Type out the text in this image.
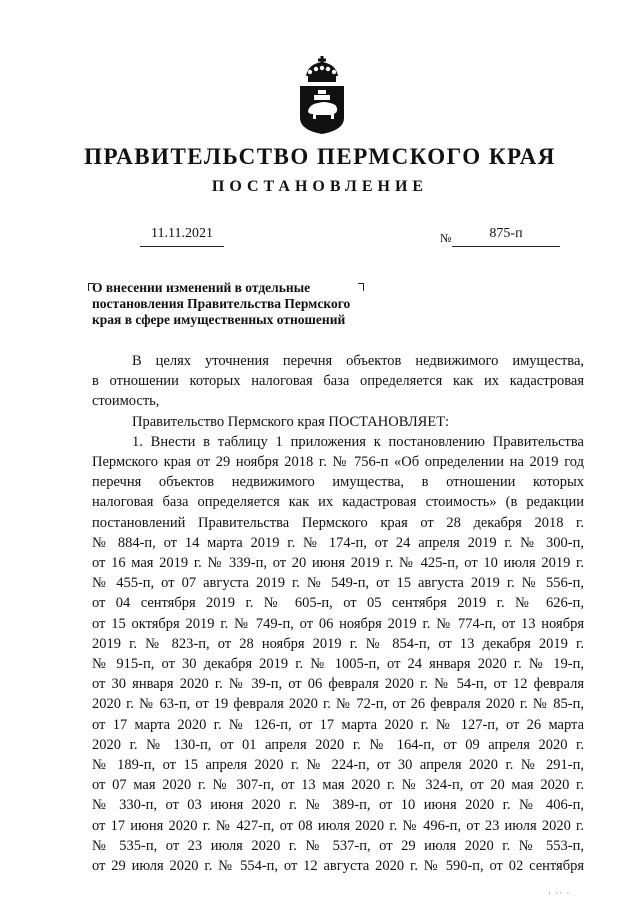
ПРАВИТЕЛЬСТВО ПЕРМСКОГО КРАЯ
ПОСТАНОВЛЕНИЕ
11.11.2021	№	875-п
О внесении изменений в отдельные
постановления Правительства Пермского
края в сфере имущественных отношений
В целях уточнения перечня объектов недвижимого имущества,
в отношении которых налоговая база определяется как их кадастровая
стоимость,
Правительство Пермского края ПОСТАНОВЛЯЕТ:
1. Внести в таблицу 1 приложения к постановлению Правительства
Пермского края от 29 ноября 2018 г. № 756-п «Об определении на 2019 год
перечня объектов недвижимого имущества, в отношении которых
налоговая база определяется как их кадастровая стоимость» (в редакции
постановлений Правительства Пермского края от 28 декабря 2018 г.
№ 884-п, от 14 марта 2019 г. № 174-п, от 24 апреля 2019 г. № 300-п,
от 16 мая 2019 г. № 339-п, от 20 июня 2019 г. № 425-п, от 10 июля 2019 г.
№ 455-п, от 07 августа 2019 г. № 549-п, от 15 августа 2019 г. № 556-п,
от 04 сентября 2019 г. № 605-п, от 05 сентября 2019 г. № 626-п,
от 15 октября 2019 г. № 749-п, от 06 ноября 2019 г. № 774-п, от 13 ноября
2019 г. № 823-п, от 28 ноября 2019 г. № 854-п, от 13 декабря 2019 г.
№ 915-п, от 30 декабря 2019 г. № 1005-п, от 24 января 2020 г. № 19-п,
от 30 января 2020 г. № 39-п, от 06 февраля 2020 г. № 54-п, от 12 февраля
2020 г. № 63-п, от 19 февраля 2020 г. № 72-п, от 26 февраля 2020 г. № 85-п,
от 17 марта 2020 г. № 126-п, от 17 марта 2020 г. № 127-п, от 26 марта
2020 г. № 130-п, от 01 апреля 2020 г. № 164-п, от 09 апреля 2020 г.
№ 189-п, от 15 апреля 2020 г. № 224-п, от 30 апреля 2020 г. № 291-п,
от 07 мая 2020 г. № 307-п, от 13 мая 2020 г. № 324-п, от 20 мая 2020 г.
№ 330-п, от 03 июня 2020 г. № 389-п, от 10 июня 2020 г. № 406-п,
от 17 июня 2020 г. № 427-п, от 08 июля 2020 г. № 496-п, от 23 июля 2020 г.
№ 535-п, от 23 июля 2020 г. № 537-п, от 29 июля 2020 г. № 553-п,
от 29 июля 2020 г. № 554-п, от 12 августа 2020 г. № 590-п, от 02 сентября
· ·· ·
